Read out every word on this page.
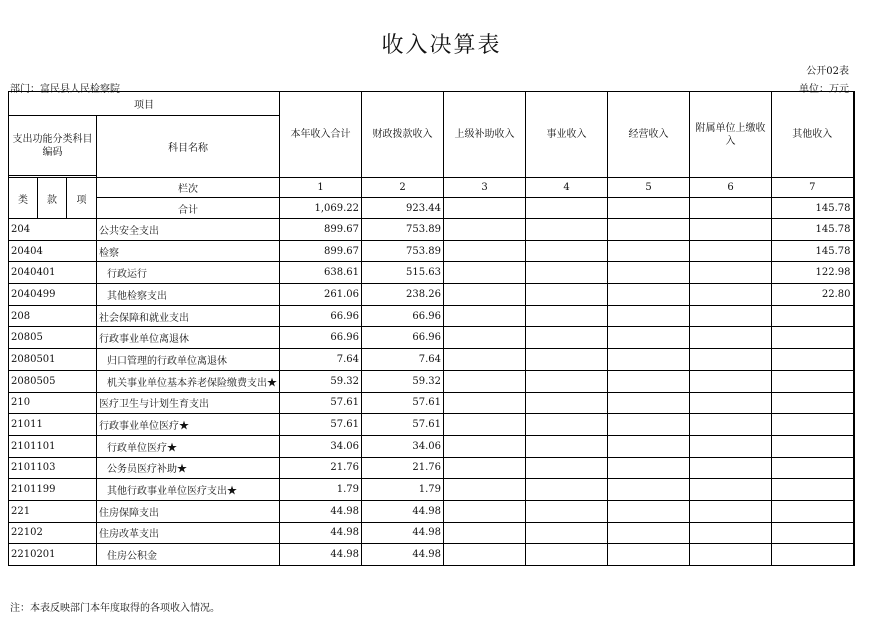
收入决算表
公开02表
部门：富民县人民检察院	单位：万元
项目				本年收入合计	财政拨款收入	上级补助收入	事业收入	经营收入	附属单位上缴收入	其他收入
支出功能分类科目编码			科目名称							

类	款	项	栏次	1	2	3	4	5	6	7
			合计	1,069.22	923.44					145.78
204			公共安全支出	899.67	753.89					145.78
20404			检察	899.67	753.89					145.78
2040401			行政运行	638.61	515.63					122.98
2040499			其他检察支出	261.06	238.26					22.80
208			社会保障和就业支出	66.96	66.96					
20805			行政事业单位离退休	66.96	66.96					
2080501			归口管理的行政单位离退休	7.64	7.64					
2080505			机关事业单位基本养老保险缴费支出★	59.32	59.32					
210			医疗卫生与计划生育支出	57.61	57.61					
21011			行政事业单位医疗★	57.61	57.61					
2101101			行政单位医疗★	34.06	34.06					
2101103			公务员医疗补助★	21.76	21.76					
2101199			其他行政事业单位医疗支出★	1.79	1.79					
221			住房保障支出	44.98	44.98					
22102			住房改革支出	44.98	44.98					
2210201			住房公积金	44.98	44.98					
注：本表反映部门本年度取得的各项收入情况。
